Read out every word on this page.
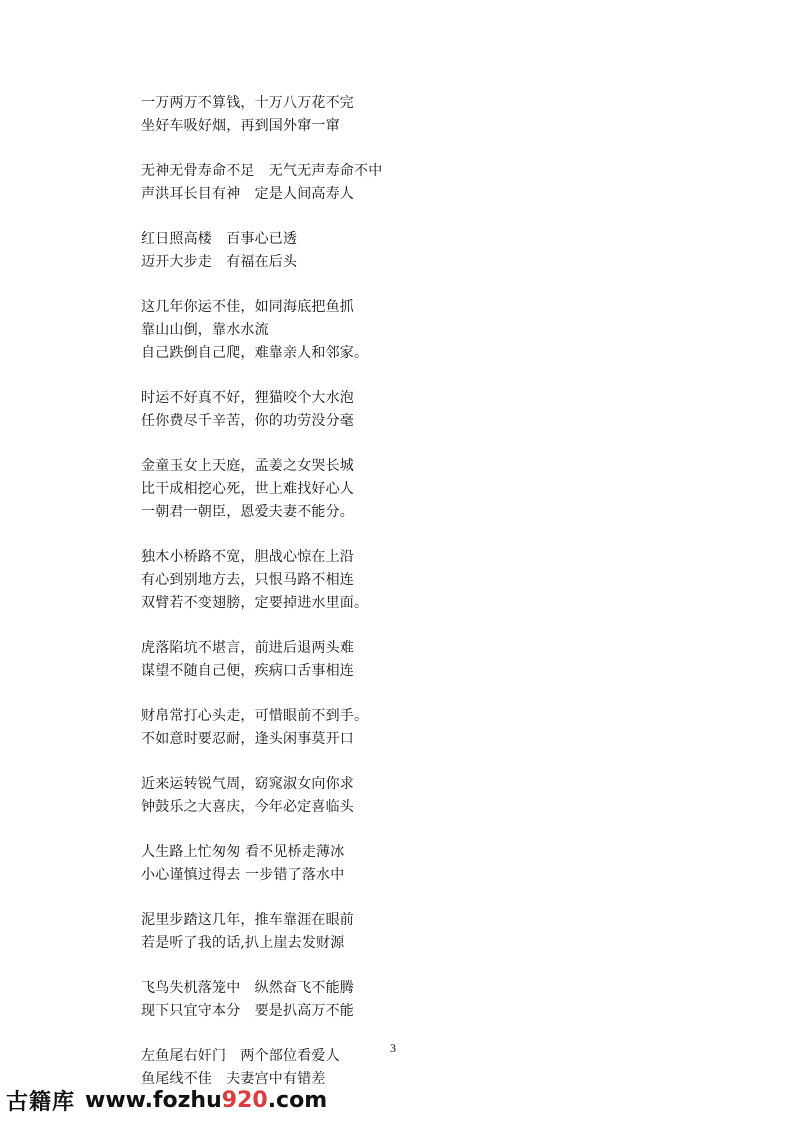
一万两万不算钱，十万八万花不完
坐好车吸好烟，再到国外窜一窜
无神无骨寿命不足　无气无声寿命不中
声洪耳长目有神　定是人间高寿人
红日照高楼　百事心已透
迈开大步走　有福在后头
这几年你运不佳，如同海底把鱼抓
靠山山倒，靠水水流
自己跌倒自己爬，难靠亲人和邻家。
时运不好真不好，狸猫咬个大水泡
任你费尽千辛苦，你的功劳没分毫
金童玉女上天庭，孟姜之女哭长城
比干成相挖心死，世上难找好心人
一朝君一朝臣，恩爱夫妻不能分。
独木小桥路不宽，胆战心惊在上沿
有心到别地方去，只恨马路不相连
双臂若不变翅膀，定要掉进水里面。
虎落陷坑不堪言，前进后退两头难
谋望不随自己便，疾病口舌事相连
财帛常打心头走，可惜眼前不到手。
不如意时要忍耐，逢头闲事莫开口
近来运转锐气周，窈窕淑女向你求
钟鼓乐之大喜庆，今年必定喜临头
人生路上忙匆匆 看不见桥走薄冰
小心谨慎过得去 一步错了落水中
泥里步踏这几年，推车靠涯在眼前
若是听了我的话,扒上崖去发财源
飞鸟失机落笼中　纵然奋飞不能腾
现下只宜守本分　要是扒高万不能
左鱼尾右奸门　两个部位看爱人
鱼尾线不佳　夫妻宫中有错差
3
古籍库 www.fozhu920.com
